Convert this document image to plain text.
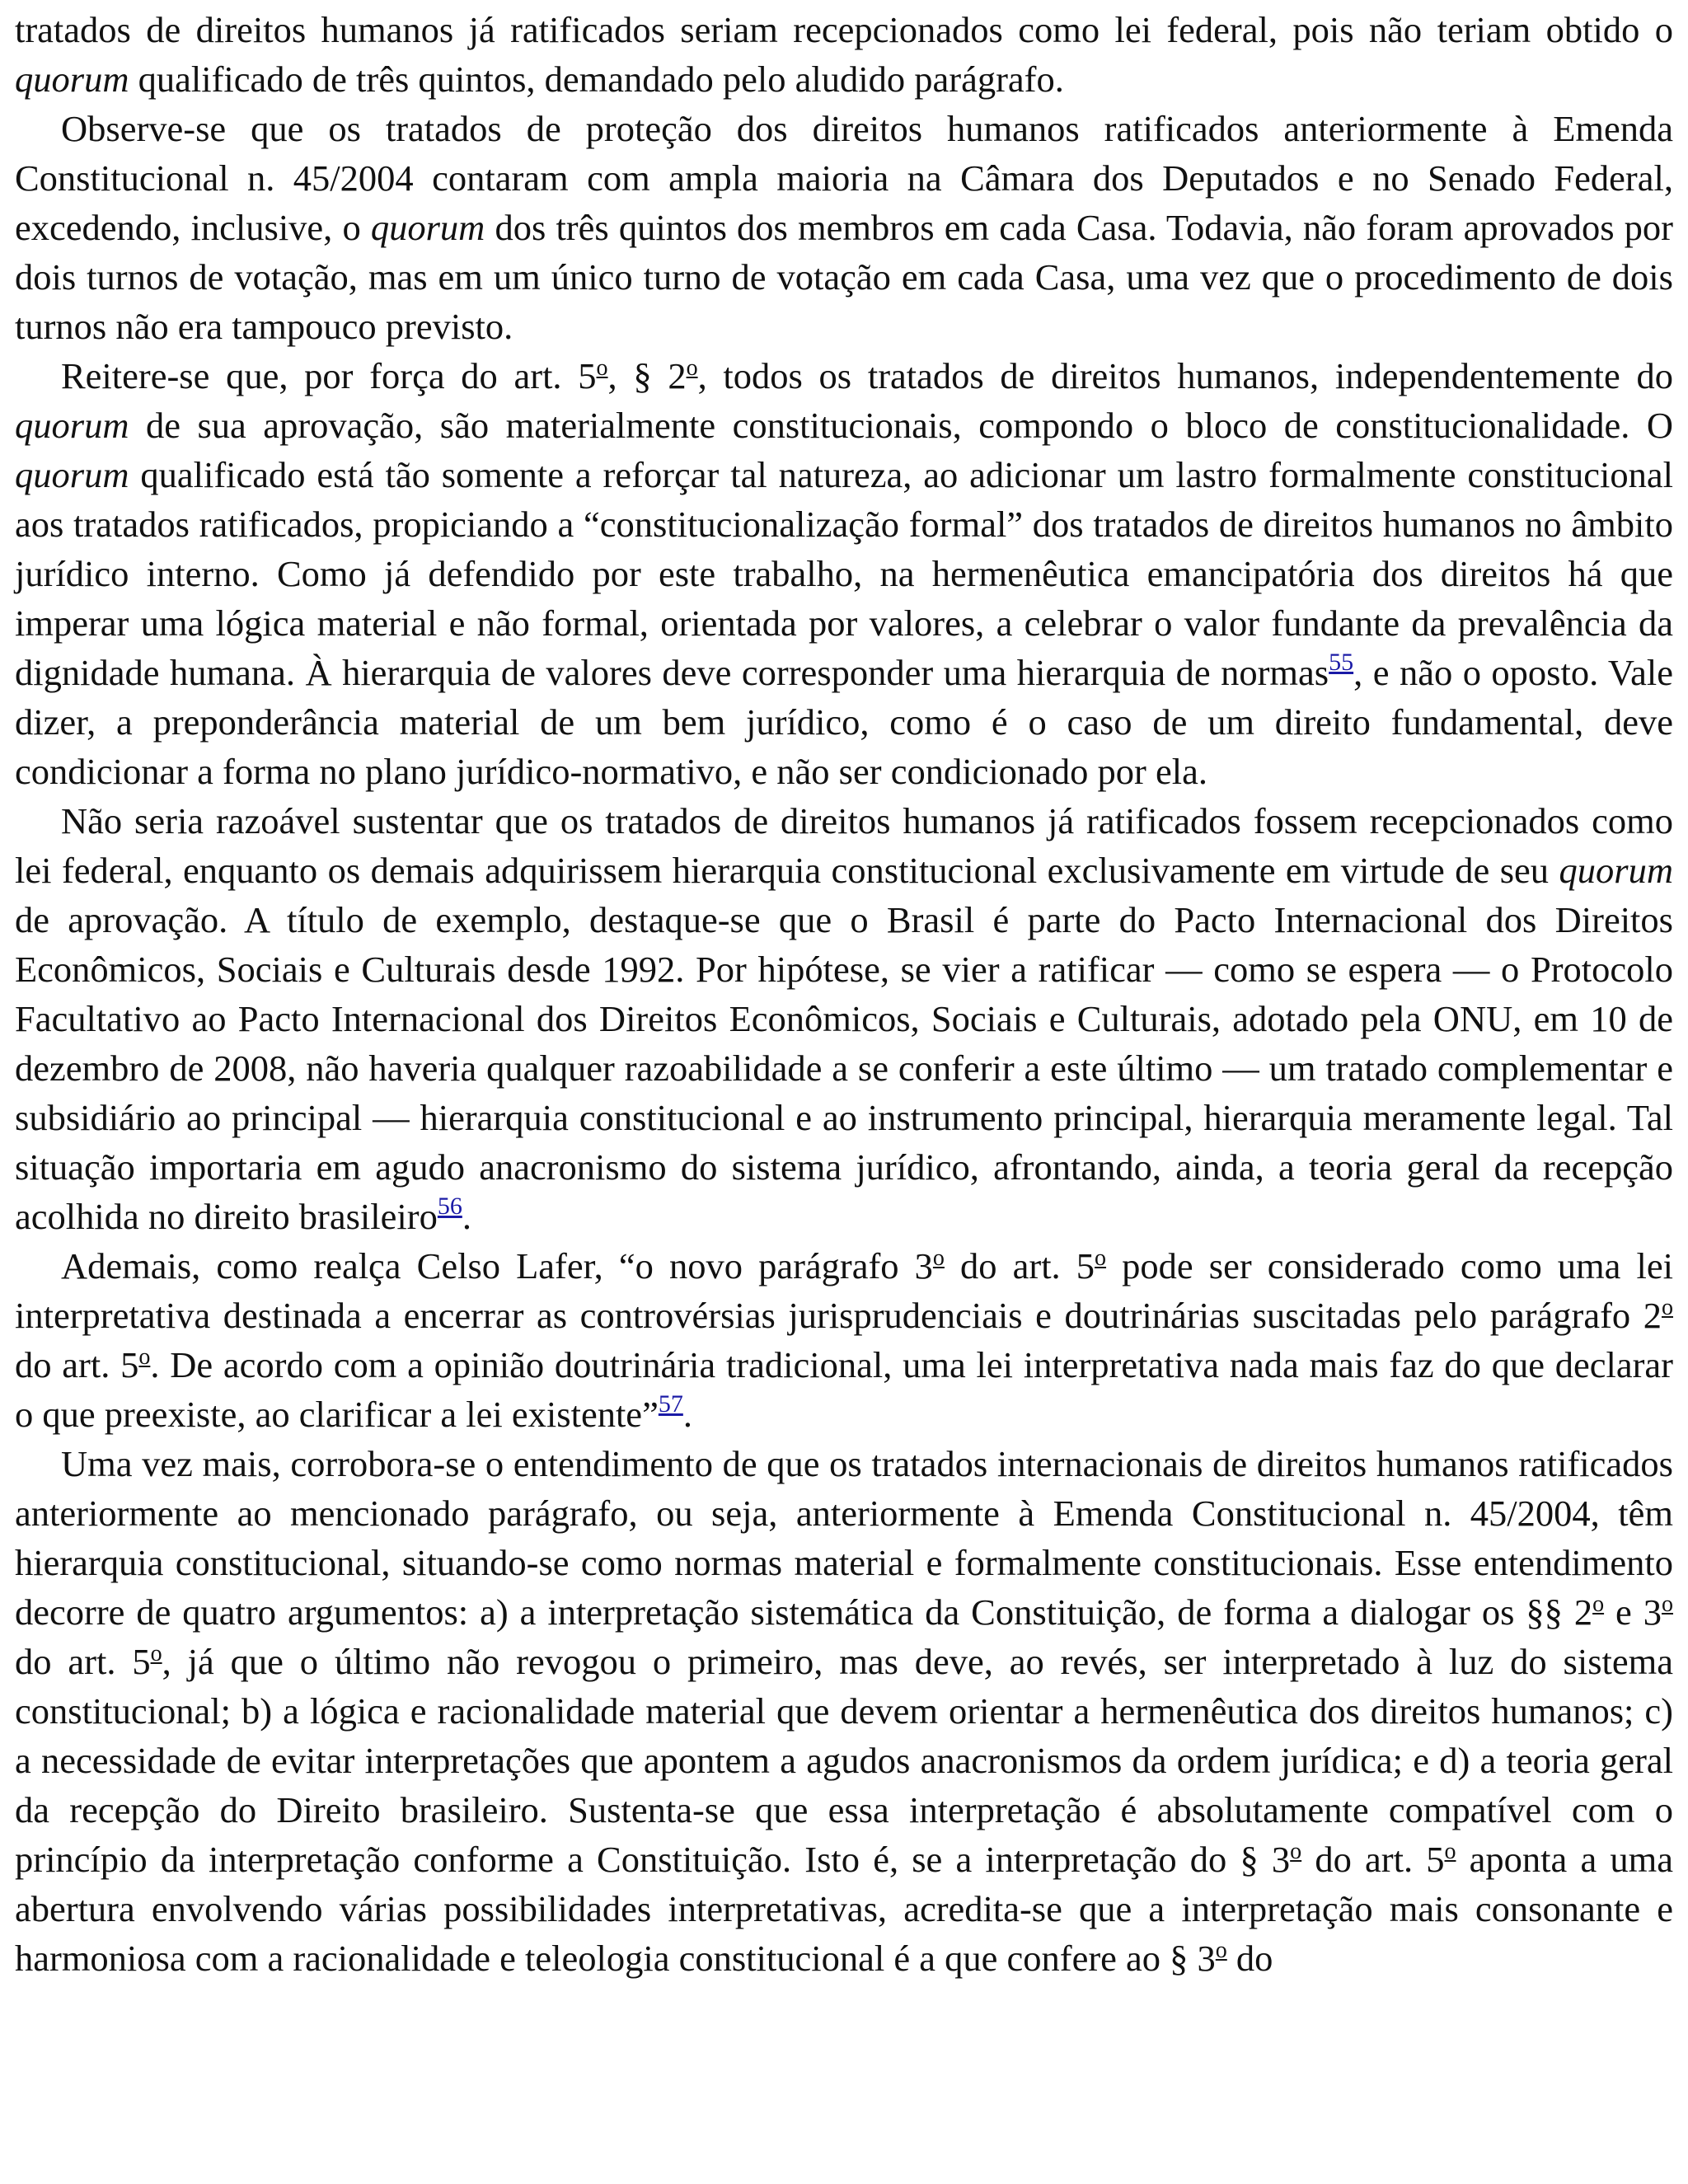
tratados de direitos humanos já ratificados seriam recepcionados como lei federal, pois não teriam obtido o quorum qualificado de três quintos, demandado pelo aludido parágrafo.

Observe-se que os tratados de proteção dos direitos humanos ratificados anteriormente à Emenda Constitucional n. 45/2004 contaram com ampla maioria na Câmara dos Deputados e no Senado Federal, excedendo, inclusive, o quorum dos três quintos dos membros em cada Casa. Todavia, não foram aprovados por dois turnos de votação, mas em um único turno de votação em cada Casa, uma vez que o procedimento de dois turnos não era tampouco previsto.

Reitere-se que, por força do art. 5$^o$, § 2$^o$, todos os tratados de direitos humanos, independentemente do quorum de sua aprovação, são materialmente constitucionais, compondo o bloco de constitucionalidade. O quorum qualificado está tão somente a reforçar tal natureza, ao adicionar um lastro formalmente constitucional aos tratados ratificados, propiciando a “constitucionalização formal” dos tratados de direitos humanos no âmbito jurídico interno. Como já defendido por este trabalho, na hermenêutica emancipatória dos direitos há que imperar uma lógica material e não formal, orientada por valores, a celebrar o valor fundante da prevalência da dignidade humana. À hierarquia de valores deve corresponder uma hierarquia de normas$^{55}$, e não o oposto. Vale dizer, a preponderância material de um bem jurídico, como é o caso de um direito fundamental, deve condicionar a forma no plano jurídico-normativo, e não ser condicionado por ela.

Não seria razoável sustentar que os tratados de direitos humanos já ratificados fossem recepcionados como lei federal, enquanto os demais adquirissem hierarquia constitucional exclusivamente em virtude de seu quorum de aprovação. A título de exemplo, destaque-se que o Brasil é parte do Pacto Internacional dos Direitos Econômicos, Sociais e Culturais desde 1992. Por hipótese, se vier a ratificar — como se espera — o Protocolo Facultativo ao Pacto Internacional dos Direitos Econômicos, Sociais e Culturais, adotado pela ONU, em 10 de dezembro de 2008, não haveria qualquer razoabilidade a se conferir a este último — um tratado complementar e subsidiário ao principal — hierarquia constitucional e ao instrumento principal, hierarquia meramente legal. Tal situação importaria em agudo anacronismo do sistema jurídico, afrontando, ainda, a teoria geral da recepção acolhida no direito brasileiro$^{56}$.

Ademais, como realça Celso Lafer, “o novo parágrafo 3$^o$ do art. 5$^o$ pode ser considerado como uma lei interpretativa destinada a encerrar as controvérsias jurisprudenciais e doutrinárias suscitadas pelo parágrafo 2$^o$ do art. 5$^o$. De acordo com a opinião doutrinária tradicional, uma lei interpretativa nada mais faz do que declarar o que preexiste, ao clarificar a lei existente”$^{57}$.

Uma vez mais, corrobora-se o entendimento de que os tratados internacionais de direitos humanos ratificados anteriormente ao mencionado parágrafo, ou seja, anteriormente à Emenda Constitucional n. 45/2004, têm hierarquia constitucional, situando-se como normas material e formalmente constitucionais. Esse entendimento decorre de quatro argumentos: a) a interpretação sistemática da Constituição, de forma a dialogar os §§ 2$^o$ e 3$^o$ do art. 5$^o$, já que o último não revogou o primeiro, mas deve, ao revés, ser interpretado à luz do sistema constitucional; b) a lógica e racionalidade material que devem orientar a hermenêutica dos direitos humanos; c) a necessidade de evitar interpretações que apontem a agudos anacronismos da ordem jurídica; e d) a teoria geral da recepção do Direito brasileiro. Sustenta-se que essa interpretação é absolutamente compatível com o princípio da interpretação conforme a Constituição. Isto é, se a interpretação do § 3$^o$ do art. 5$^o$ aponta a uma abertura envolvendo várias possibilidades interpretativas, acredita-se que a interpretação mais consonante e harmoniosa com a racionalidade e teleologia constitucional é a que confere ao § 3$^o$ do
